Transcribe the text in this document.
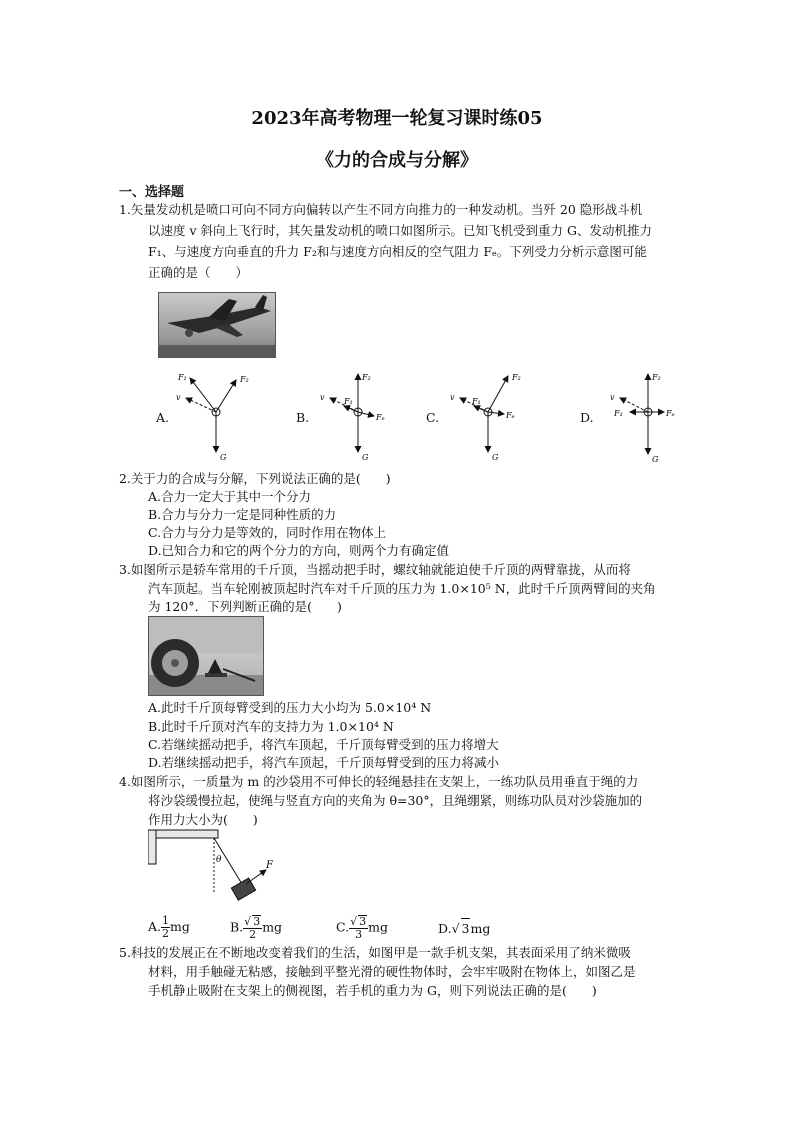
2023年高考物理一轮复习课时练05
《力的合成与分解》
一、选择题
1.矢量发动机是喷口可向不同方向偏转以产生不同方向推力的一种发动机。当歼 20 隐形战斗机
以速度 v 斜向上飞行时，其矢量发动机的喷口如图所示。已知飞机受到重力 G、发动机推力
F₁、与速度方向垂直的升力 F₂和与速度方向相反的空气阻力 Fₑ。下列受力分析示意图可能
正确的是（　　）
F₁	F₂
v
G
F₂
Fₑ
v F₁
G
F₂
Fₑ
v F₁
G
F₂
Fₑ
F₁
v
G
A.	B.	C.	D.
2.关于力的合成与分解，下列说法正确的是(　　)
A.合力一定大于其中一个分力
B.合力与分力一定是同种性质的力
C.合力与分力是等效的，同时作用在物体上
D.已知合力和它的两个分力的方向，则两个力有确定值
3.如图所示是轿车常用的千斤顶，当摇动把手时，螺纹轴就能迫使千斤顶的两臂靠拢，从而将
汽车顶起。当车轮刚被顶起时汽车对千斤顶的压力为 1.0×10⁵ N，此时千斤顶两臂间的夹角
为 120°．下列判断正确的是(　　)
A.此时千斤顶每臂受到的压力大小均为 5.0×10⁴ N
B.此时千斤顶对汽车的支持力为 1.0×10⁴ N
C.若继续摇动把手，将汽车顶起，千斤顶每臂受到的压力将增大
D.若继续摇动把手，将汽车顶起，千斤顶每臂受到的压力将减小
4.如图所示，一质量为 m 的沙袋用不可伸长的轻绳悬挂在支架上，一练功队员用垂直于绳的力
将沙袋缓慢拉起，使绳与竖直方向的夹角为 θ=30°，且绳绷紧，则练功队员对沙袋施加的
作用力大小为(　　)
F
θ
A. $\frac{1}{2}$ mg	B. $\frac{√ 3}{2}$ mg	C. $\frac{√ 3}{3}$ mg	D.√ 3mg
5.科技的发展正在不断地改变着我们的生活，如图甲是一款手机支架，其表面采用了纳米微吸
材料，用手触碰无粘感，接触到平整光滑的硬性物体时，会牢牢吸附在物体上，如图乙是
手机静止吸附在支架上的侧视图，若手机的重力为 G，则下列说法正确的是(　　)
